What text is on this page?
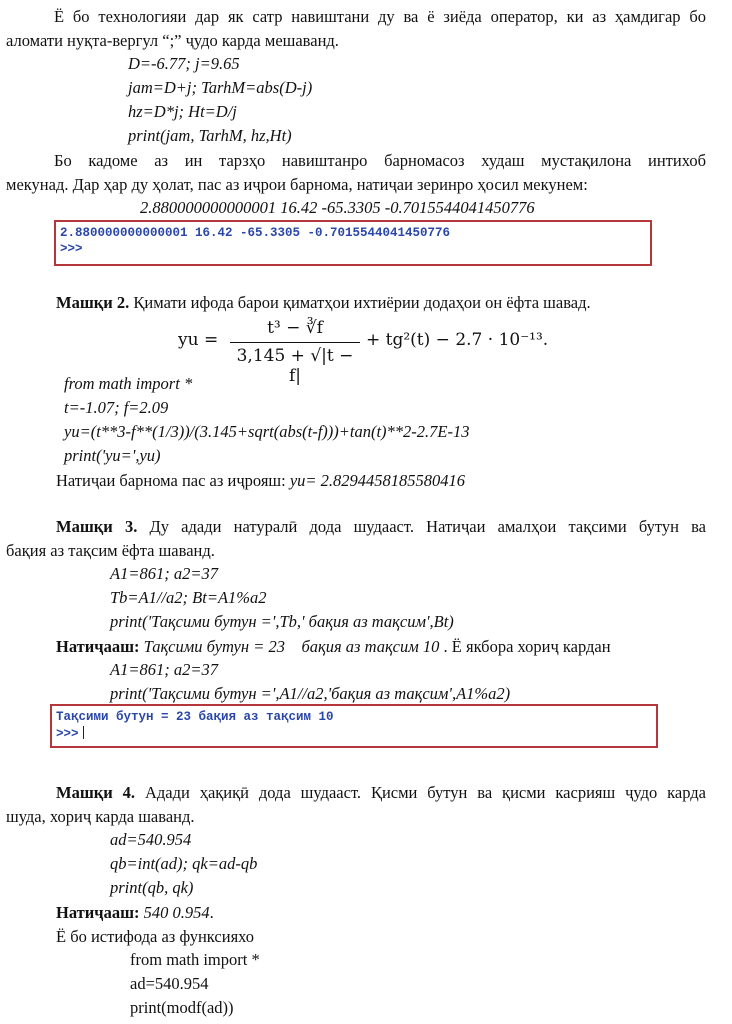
Ё бо технологияи дар як сатр навиштани ду ва ё зиёда оператор, ки аз ҳамдигар бо
аломати нуқта-вергул “;” ҷудо карда мешаванд.
D=-6.77; j=9.65
jam=D+j; TarhM=abs(D-j)
hz=D*j; Ht=D/j
print(jam, TarhM, hz,Ht)
Бо кадоме аз ин тарзҳо навиштанро барномасоз худаш мустақилона интихоб
мекунад. Дар ҳар ду ҳолат, пас аз иҷрои барнома, натиҷаи зеринро ҳосил мекунем:
2.880000000000001 16.42 -65.3305 -0.7015544041450776
2.880000000000001 16.42 -65.3305 -0.7015544041450776
>>>
Машқи 2. Қимати ифода барои қиматҳои ихтиёрии додаҳои он ёфта шавад.
yu =
t³ − ∛f
3,145 + √|t − f|
+ tg²(t) − 2.7 · 10⁻¹³.
from math import *
t=-1.07; f=2.09
yu=(t**3-f**(1/3))/(3.145+sqrt(abs(t-f)))+tan(t)**2-2.7E-13
print('yu=',yu)
Натиҷаи барнома пас аз иҷрояш: yu= 2.8294458185580416
Машқи 3. Ду адади натуралӣ дода шудааст. Натиҷаи амалҳои тақсими бутун ва
бақия аз тақсим ёфта шаванд.
A1=861; a2=37
Tb=A1//a2; Bt=A1%a2
print('Тақсими бутун =',Tb,' бақия аз тақсим',Bt)
Натиҷааш: Тақсими бутун = 23    бақия аз тақсим 10 . Ё якбора хориҷ кардан
A1=861; a2=37
print('Тақсими бутун =',A1//a2,'бақия аз тақсим',A1%a2)
Тақсими бутун = 23 бақия аз тақсим 10
>>>
Машқи 4. Адади ҳақиқӣ дода шудааст. Қисми бутун ва қисми касрияш ҷудо карда
шуда, хориҷ карда шаванд.
ad=540.954
qb=int(ad); qk=ad-qb
print(qb, qk)
Натиҷааш: 540 0.954.
Ё бо истифода аз функсияхо
from math import *
ad=540.954
print(modf(ad))
